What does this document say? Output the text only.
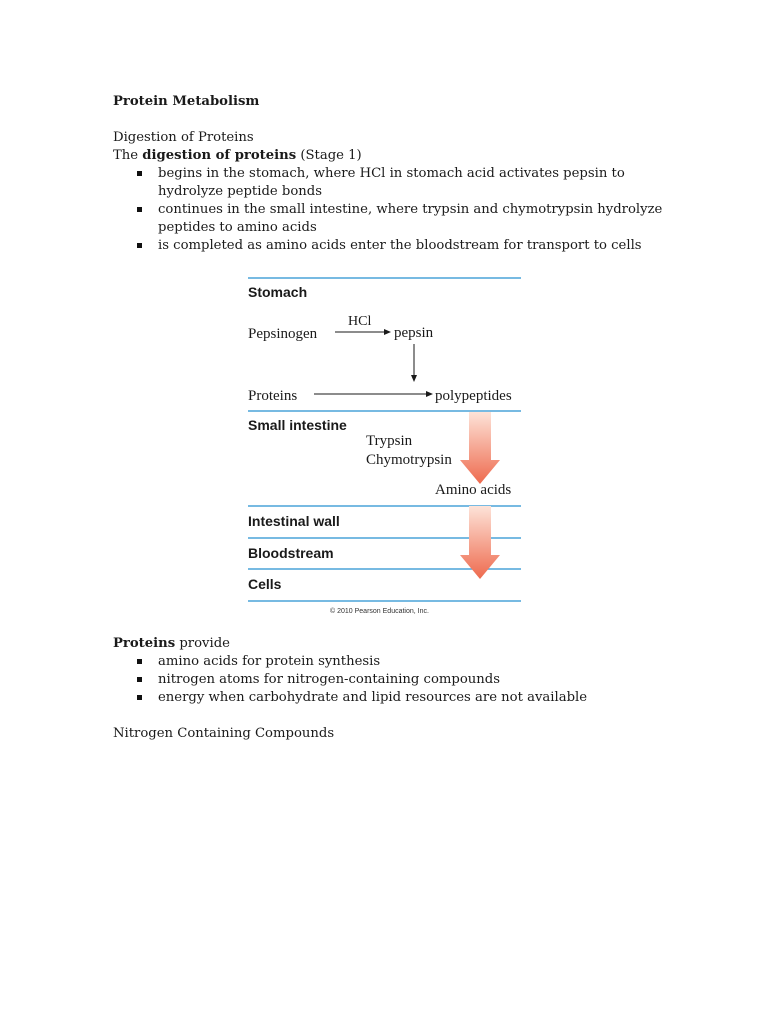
Protein Metabolism

Digestion of Proteins

The digestion of proteins (Stage 1)

begins in the stomach, where HCl in stomach acid activates pepsin to hydrolyze peptide bonds
continues in the small intestine, where trypsin and chymotrypsin hydrolyze peptides to amino acids
is completed as amino acids enter the bloodstream for transport to cells
Stomach
Small intestine
Intestinal wall
Bloodstream
Cells
Pepsinogen
HCl
pepsin
Proteins	polypeptides
Trypsin
Chymotrypsin
Amino acids
© 2010 Pearson Education, Inc.

Proteins provide

amino acids for protein synthesis
nitrogen atoms for nitrogen-containing compounds
energy when carbohydrate and lipid resources are not available

Nitrogen Containing Compounds
